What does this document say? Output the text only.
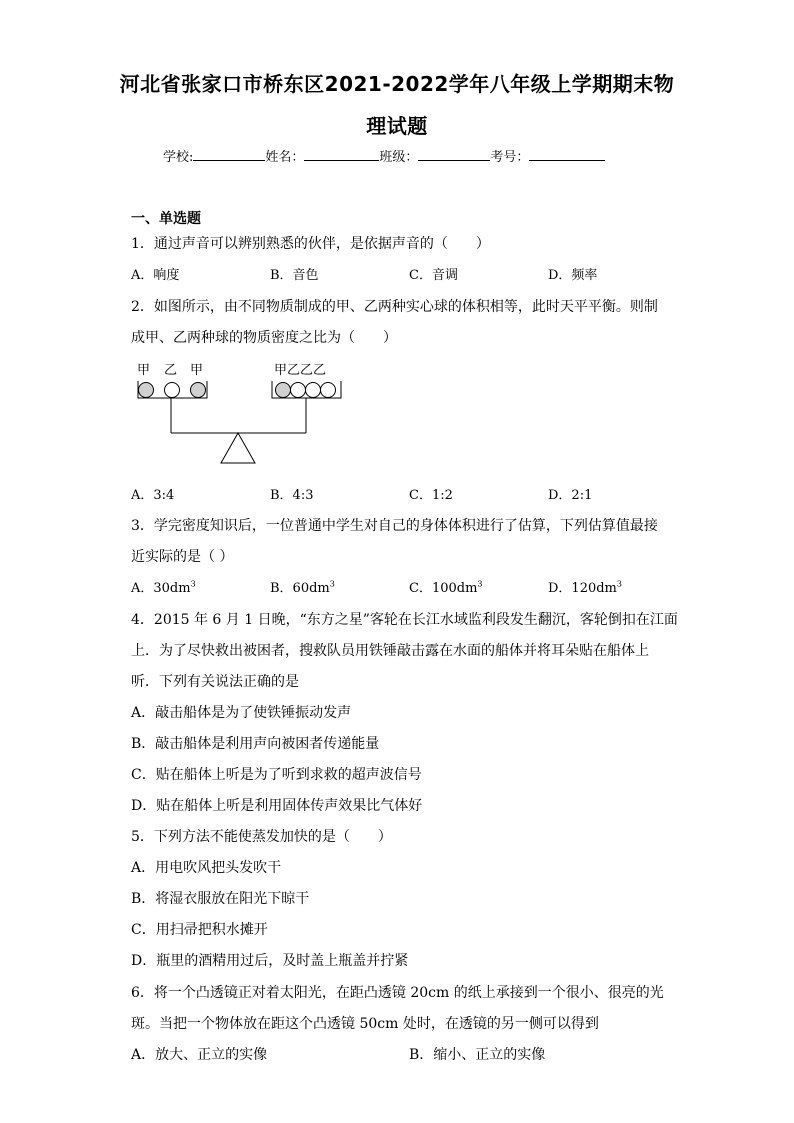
河北省张家口市桥东区2021-2022学年八年级上学期期末物
理试题
学校:	姓名：	班级：	考号：
一、单选题
1．通过声音可以辨别熟悉的伙伴，是依据声音的（　　）
A．响度	B．音色	C．音调	D．频率
2．如图所示，由不同物质制成的甲、乙两种实心球的体积相等，此时天平平衡。则制
成甲、乙两种球的物质密度之比为（　　）
甲 乙 甲	甲乙乙乙
A．3:4	B．4:3	C．1:2	D．2:1
3．学完密度知识后，一位普通中学生对自己的身体体积进行了估算，下列估算值最接
近实际的是（ ）
A．$30dm^3$	B．$60dm^3$	C．$100dm^3$	D．$120dm^3$
4．2015 年 6 月 1 日晚，“东方之星”客轮在长江水域监利段发生翻沉，客轮倒扣在江面
上．为了尽快救出被困者，搜救队员用铁锤敲击露在水面的船体并将耳朵贴在船体上
听．下列有关说法正确的是
A．敲击船体是为了使铁锤振动发声
B．敲击船体是利用声向被困者传递能量
C．贴在船体上听是为了听到求救的超声波信号
D．贴在船体上听是利用固体传声效果比气体好
5．下列方法不能使蒸发加快的是（　　）
A．用电吹风把头发吹干
B．将湿衣服放在阳光下晾干
C．用扫帚把积水摊开
D．瓶里的酒精用过后，及时盖上瓶盖并拧紧
6．将一个凸透镜正对着太阳光，在距凸透镜 20cm 的纸上承接到一个很小、很亮的光
斑。当把一个物体放在距这个凸透镜 50cm 处时，在透镜的另一侧可以得到
A．放大、正立的实像	B．缩小、正立的实像
